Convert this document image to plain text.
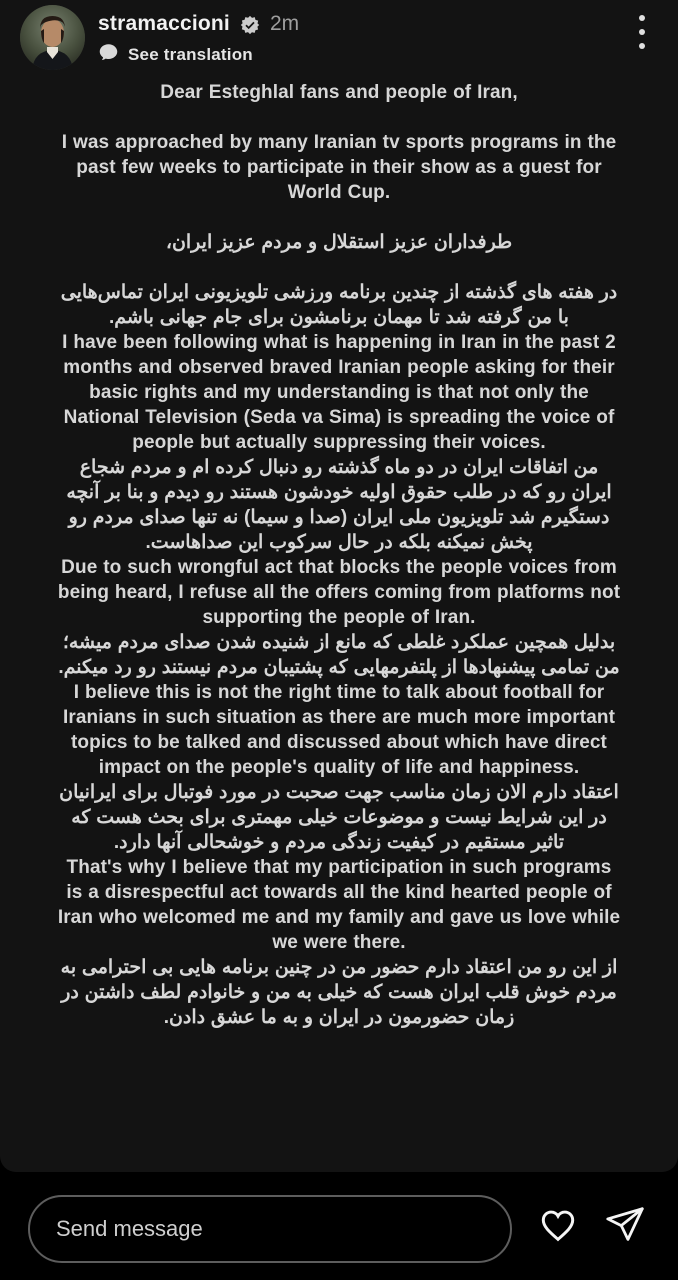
stramaccioni 2m
See translation
Dear Esteghlal fans and people of Iran,
I was approached by many Iranian tv sports programs in the past few weeks to participate in their show as a guest for World Cup.
طرفداران عزیز استقلال و مردم عزیز ایران،
در هفته های گذشته از چندین برنامه ورزشی تلویزیونی ایران تماس‌هایی با من گرفته شد تا مهمان برنامشون برای جام جهانی باشم.
I have been following what is happening in Iran in the past 2 months and observed braved Iranian people asking for their basic rights and my understanding is that not only the National Television (Seda va Sima) is spreading the voice of people but actually suppressing their voices.
من اتفاقات ایران در دو ماه گذشته رو دنبال کرده ام و مردم شجاع ایران رو که در طلب حقوق اولیه خودشون هستند رو دیدم و بنا بر آنچه دستگیرم شد تلویزیون ملی ایران (صدا و سیما) نه تنها صدای مردم رو پخش نمیکنه بلکه در حال سرکوب این صداهاست.
Due to such wrongful act that blocks the people voices from being heard, I refuse all the offers coming from platforms not supporting the people of Iran.
بدلیل همچین عملکرد غلطی که مانع از شنیده شدن صدای مردم میشه؛ من تمامی پیشنهادها از پلتفرمهایی که پشتیبان مردم نیستند رو رد میکنم.
I believe this is not the right time to talk about football for Iranians in such situation as there are much more important topics to be talked and discussed about which have direct impact on the people's quality of life and happiness.
اعتقاد دارم الان زمان مناسب جهت صحبت در مورد فوتبال برای ایرانیان در این شرایط نیست و موضوعات خیلی مهمتری برای بحث هست که تاثیر مستقیم در کیفیت زندگی مردم و خوشحالی آنها دارد.
That's why I believe that my participation in such programs is a disrespectful act towards all the kind hearted people of Iran who welcomed me and my family and gave us love while we were there.
از این رو من اعتقاد دارم حضور من در چنین برنامه هایی بی احترامی به مردم خوش قلب ایران هست که خیلی به من و خانوادم لطف داشتن در زمان حضورمون در ایران و به ما عشق دادن.
Send message
